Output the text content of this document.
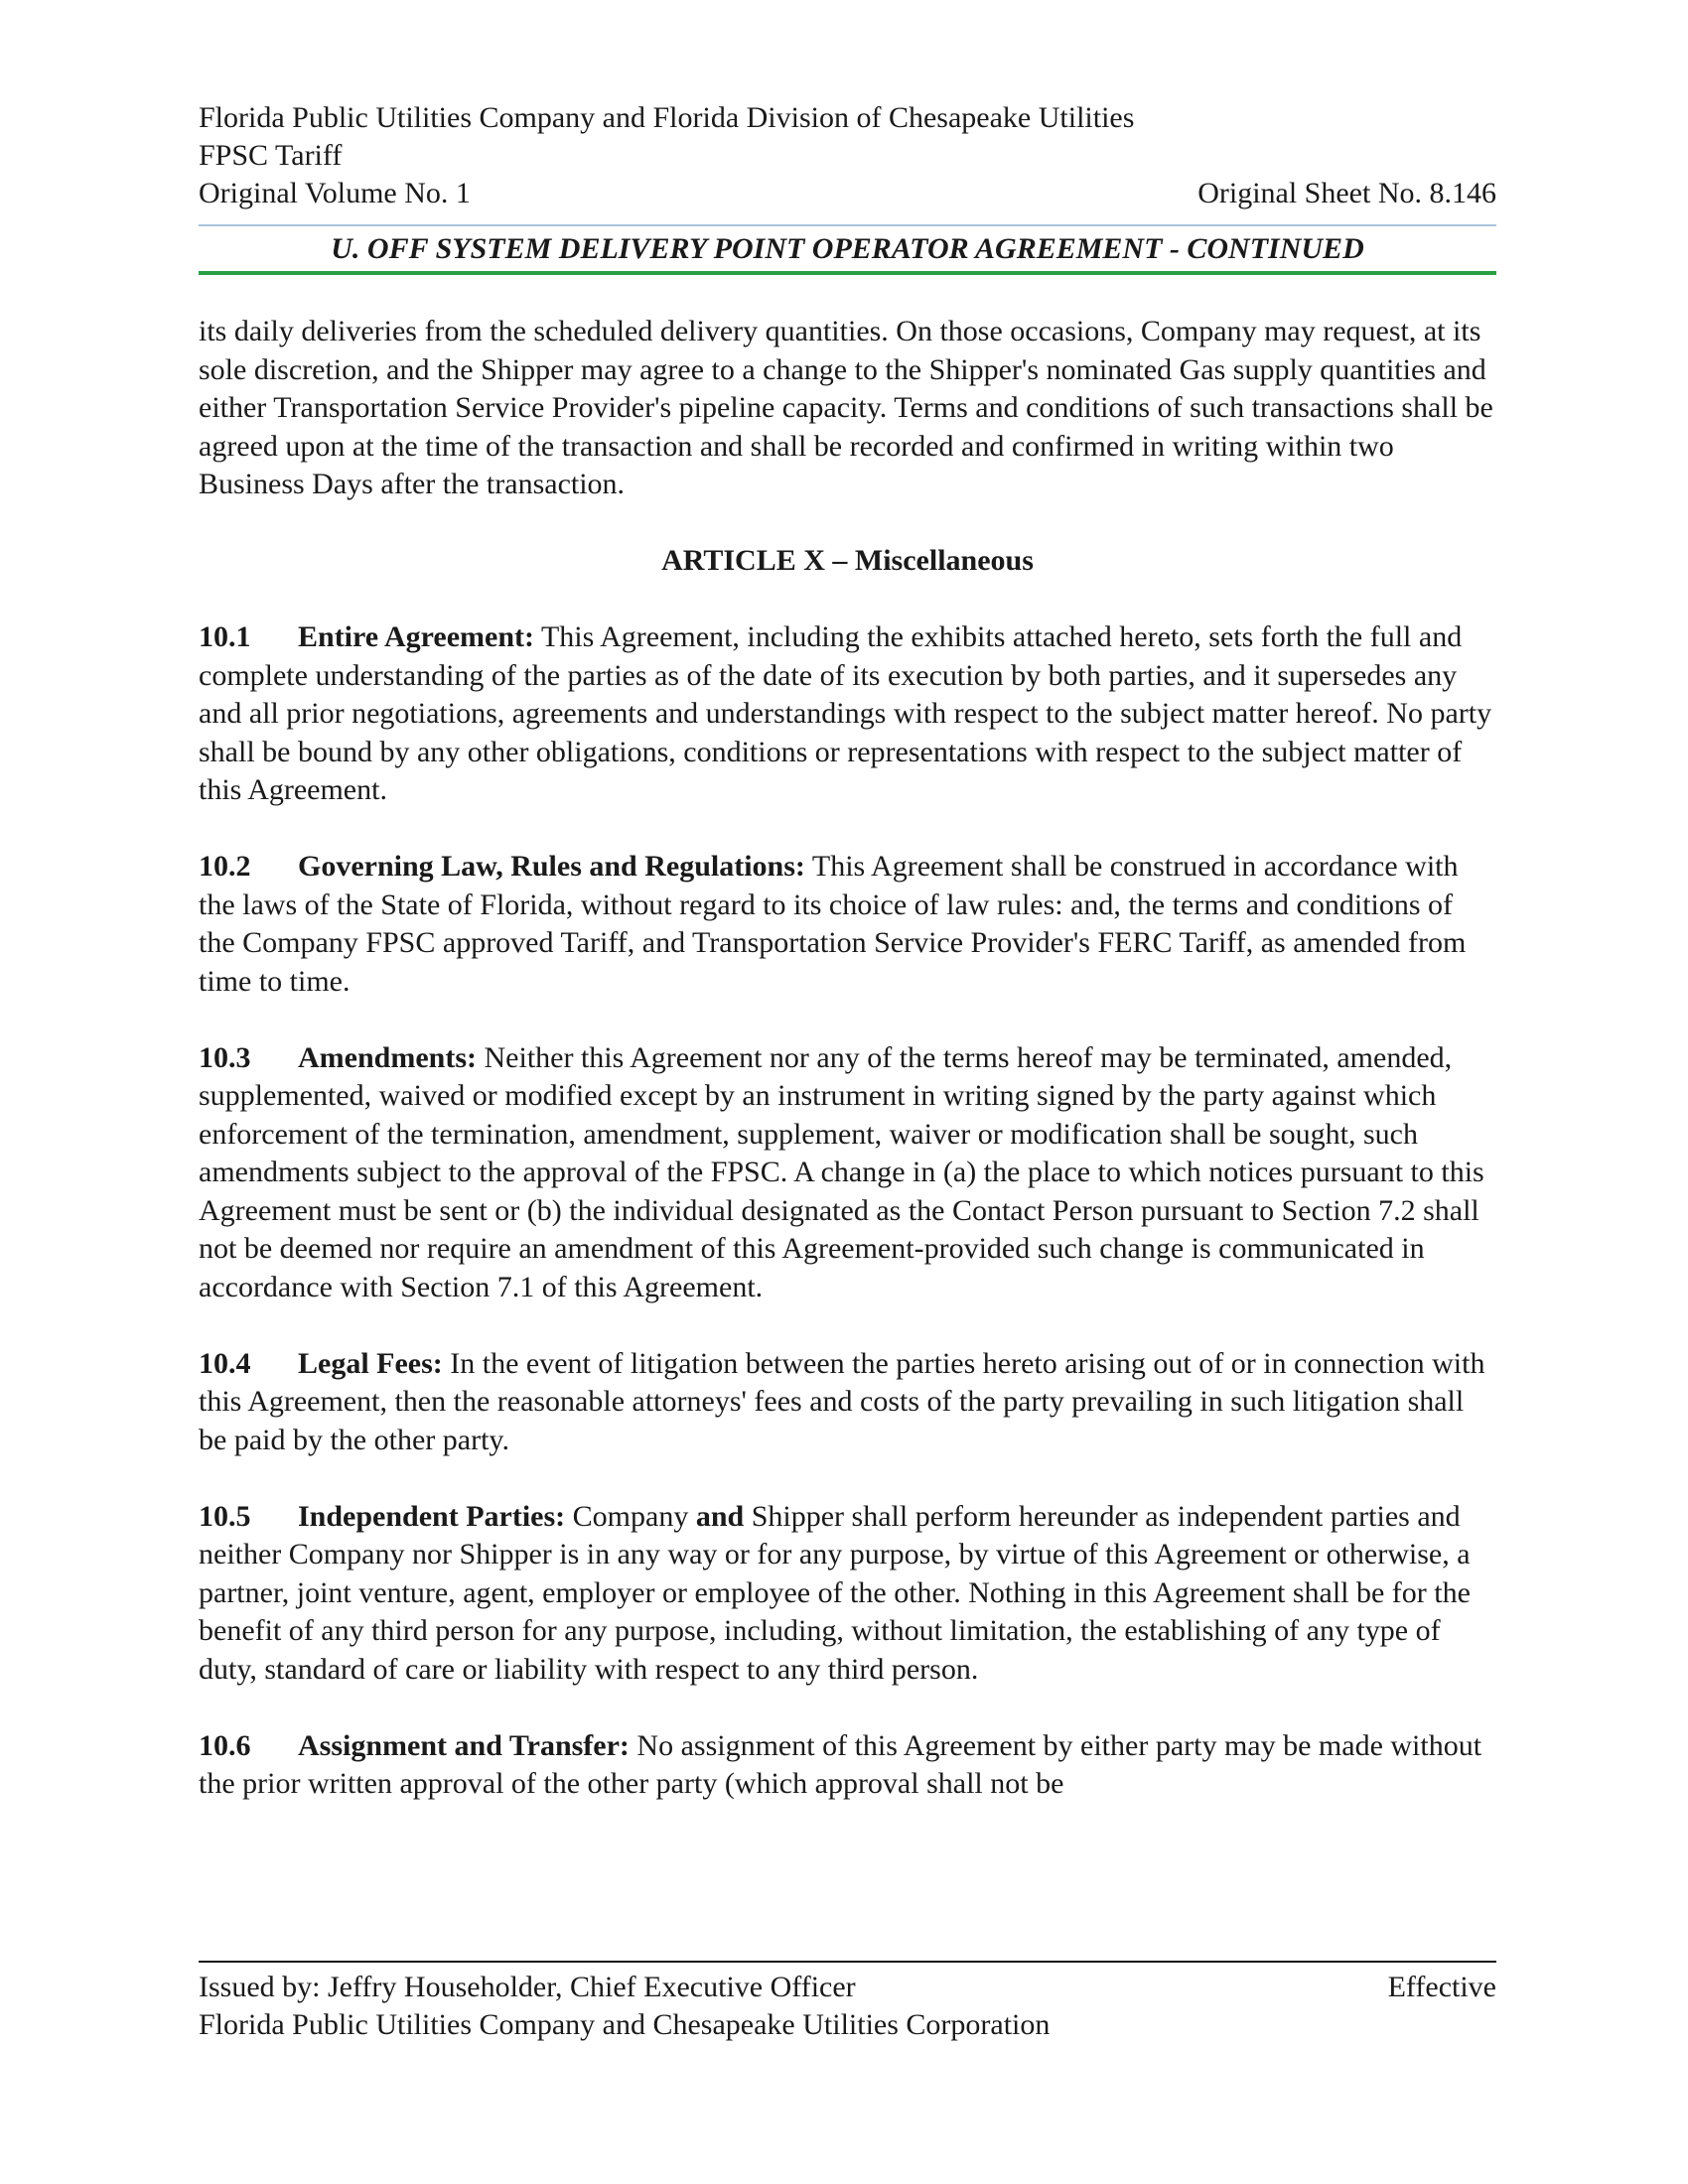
Florida Public Utilities Company and Florida Division of Chesapeake Utilities
FPSC Tariff
Original Volume No. 1	Original Sheet No. 8.146
U. OFF SYSTEM DELIVERY POINT OPERATOR AGREEMENT - CONTINUED

its daily deliveries from the scheduled delivery quantities. On those occasions, Company may request, at its sole discretion, and the Shipper may agree to a change to the Shipper's nominated Gas supply quantities and either Transportation Service Provider's pipeline capacity. Terms and conditions of such transactions shall be agreed upon at the time of the transaction and shall be recorded and confirmed in writing within two Business Days after the transaction.

ARTICLE X – Miscellaneous

10.1 Entire Agreement: This Agreement, including the exhibits attached hereto, sets forth the full and complete understanding of the parties as of the date of its execution by both parties, and it supersedes any and all prior negotiations, agreements and understandings with respect to the subject matter hereof. No party shall be bound by any other obligations, conditions or representations with respect to the subject matter of this Agreement.

10.2 Governing Law, Rules and Regulations: This Agreement shall be construed in accordance with the laws of the State of Florida, without regard to its choice of law rules: and, the terms and conditions of the Company FPSC approved Tariff, and Transportation Service Provider's FERC Tariff, as amended from time to time.

10.3 Amendments: Neither this Agreement nor any of the terms hereof may be terminated, amended, supplemented, waived or modified except by an instrument in writing signed by the party against which enforcement of the termination, amendment, supplement, waiver or modification shall be sought, such amendments subject to the approval of the FPSC. A change in (a) the place to which notices pursuant to this Agreement must be sent or (b) the individual designated as the Contact Person pursuant to Section 7.2 shall not be deemed nor require an amendment of this Agreement-provided such change is communicated in accordance with Section 7.1 of this Agreement.

10.4 Legal Fees: In the event of litigation between the parties hereto arising out of or in connection with this Agreement, then the reasonable attorneys' fees and costs of the party prevailing in such litigation shall be paid by the other party.

10.5 Independent Parties: Company and Shipper shall perform hereunder as independent parties and neither Company nor Shipper is in any way or for any purpose, by virtue of this Agreement or otherwise, a partner, joint venture, agent, employer or employee of the other. Nothing in this Agreement shall be for the benefit of any third person for any purpose, including, without limitation, the establishing of any type of duty, standard of care or liability with respect to any third person.

10.6 Assignment and Transfer: No assignment of this Agreement by either party may be made without the prior written approval of the other party (which approval shall not be

Issued by: Jeffry Householder, Chief Executive Officer	Effective
Florida Public Utilities Company and Chesapeake Utilities Corporation
